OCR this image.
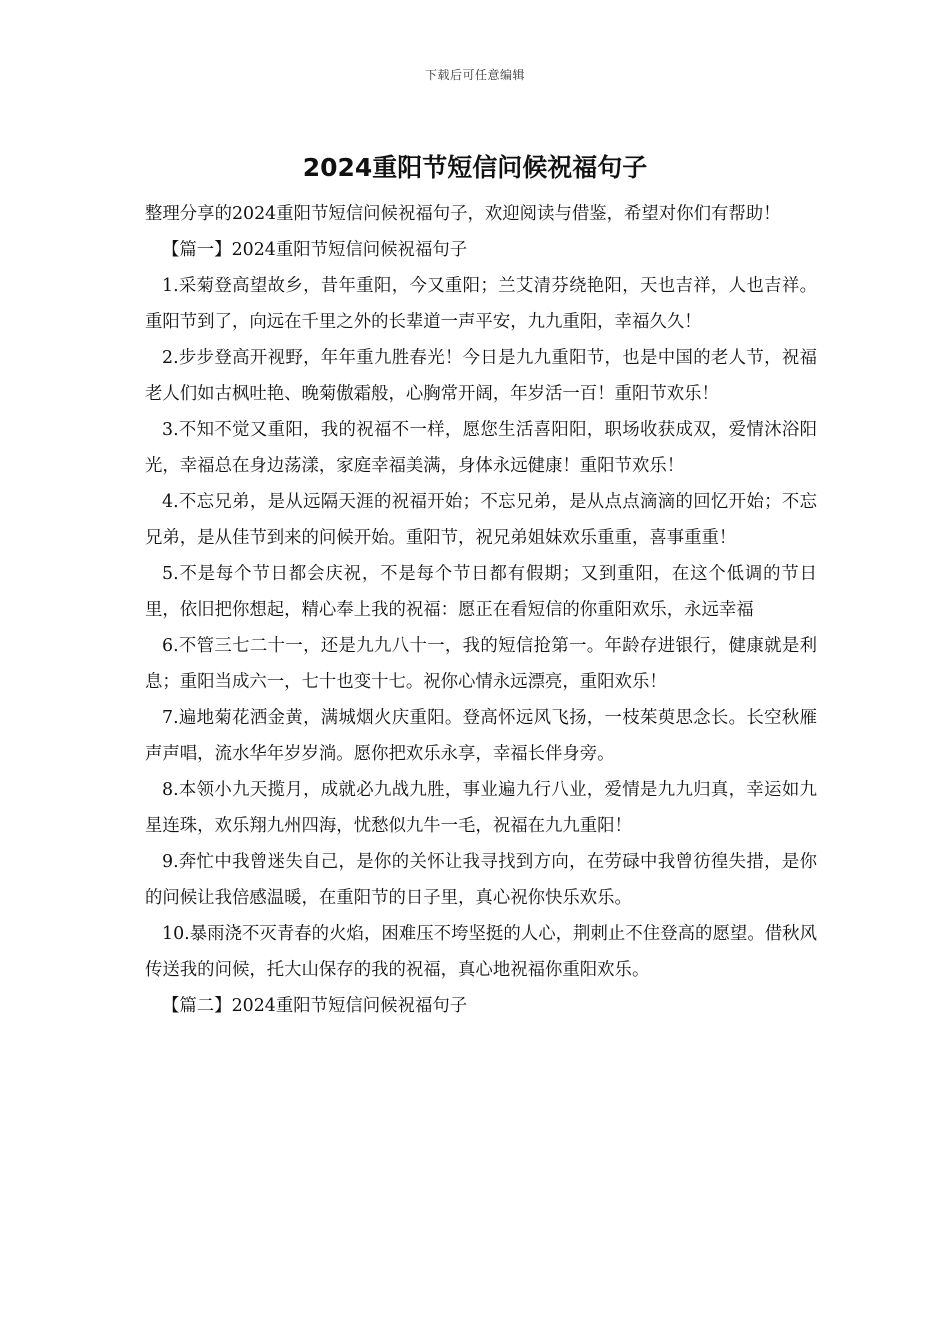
下载后可任意编辑
2024重阳节短信问候祝福句子

整理分享的2024重阳节短信问候祝福句子，欢迎阅读与借鉴，希望对你们有帮助！

【篇一】2024重阳节短信问候祝福句子

1.采菊登高望故乡，昔年重阳，今又重阳；兰艾清芬绕艳阳，天也吉祥，人也吉祥。重阳节到了，向远在千里之外的长辈道一声平安，九九重阳，幸福久久！

2.步步登高开视野，年年重九胜春光！今日是九九重阳节，也是中国的老人节，祝福老人们如古枫吐艳、晚菊傲霜般，心胸常开阔，年岁活一百！重阳节欢乐！

3.不知不觉又重阳，我的祝福不一样，愿您生活喜阳阳，职场收获成双，爱情沐浴阳光，幸福总在身边荡漾，家庭幸福美满，身体永远健康！重阳节欢乐！

4.不忘兄弟，是从远隔天涯的祝福开始；不忘兄弟，是从点点滴滴的回忆开始；不忘兄弟，是从佳节到来的问候开始。重阳节，祝兄弟姐妹欢乐重重，喜事重重！

5.不是每个节日都会庆祝，不是每个节日都有假期；又到重阳，在这个低调的节日里，依旧把你想起，精心奉上我的祝福：愿正在看短信的你重阳欢乐，永远幸福

6.不管三七二十一，还是九九八十一，我的短信抢第一。年龄存进银行，健康就是利息；重阳当成六一，七十也变十七。祝你心情永远漂亮，重阳欢乐！

7.遍地菊花洒金黄，满城烟火庆重阳。登高怀远风飞扬，一枝茱萸思念长。长空秋雁声声唱，流水华年岁岁淌。愿你把欢乐永享，幸福长伴身旁。

8.本领小九天揽月，成就必九战九胜，事业遍九行八业，爱情是九九归真，幸运如九星连珠，欢乐翔九州四海，忧愁似九牛一毛，祝福在九九重阳！

9.奔忙中我曾迷失自己，是你的关怀让我寻找到方向，在劳碌中我曾彷徨失措，是你的问候让我倍感温暖，在重阳节的日子里，真心祝你快乐欢乐。

10.暴雨浇不灭青春的火焰，困难压不垮坚挺的人心，荆刺止不住登高的愿望。借秋风传送我的问候，托大山保存的我的祝福，真心地祝福你重阳欢乐。

【篇二】2024重阳节短信问候祝福句子
